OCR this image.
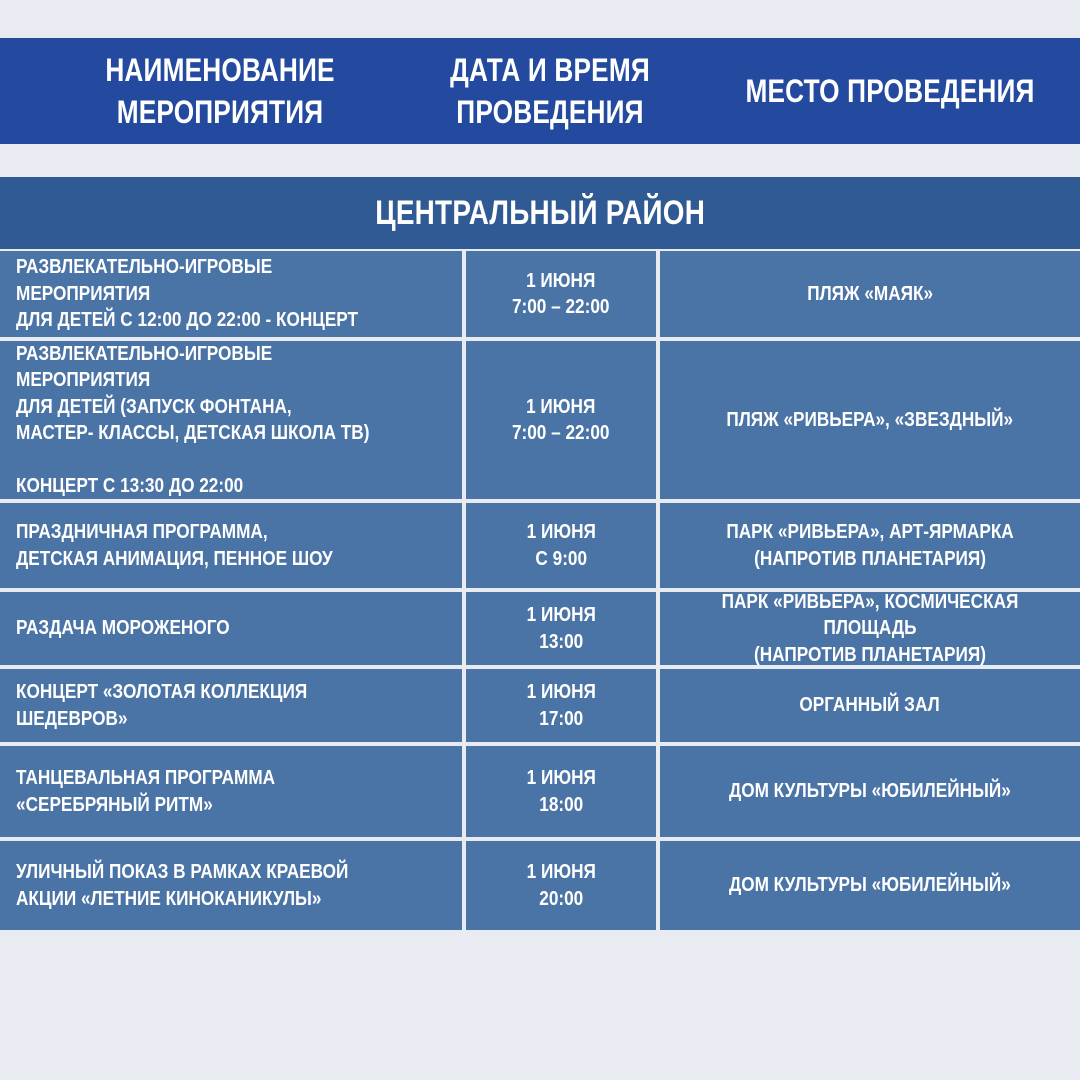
НАИМЕНОВАНИЕ
МЕРОПРИЯТИЯ
ДАТА И ВРЕМЯ
ПРОВЕДЕНИЯ
МЕСТО ПРОВЕДЕНИЯ
ЦЕНТРАЛЬНЫЙ РАЙОН
РАЗВЛЕКАТЕЛЬНО-ИГРОВЫЕ МЕРОПРИЯТИЯ
ДЛЯ ДЕТЕЙ С 12:00 ДО 22:00 - КОНЦЕРТ
1 ИЮНЯ
7:00 – 22:00
ПЛЯЖ «МАЯК»
РАЗВЛЕКАТЕЛЬНО-ИГРОВЫЕ МЕРОПРИЯТИЯ
ДЛЯ ДЕТЕЙ (ЗАПУСК ФОНТАНА,
МАСТЕР- КЛАССЫ, ДЕТСКАЯ ШКОЛА ТВ)

КОНЦЕРТ С 13:30 ДО 22:00
1 ИЮНЯ
7:00 – 22:00
ПЛЯЖ «РИВЬЕРА», «ЗВЕЗДНЫЙ»
ПРАЗДНИЧНАЯ ПРОГРАММА,
ДЕТСКАЯ АНИМАЦИЯ, ПЕННОЕ ШОУ
1 ИЮНЯ
С 9:00
ПАРК «РИВЬЕРА», АРТ-ЯРМАРКА
(НАПРОТИВ ПЛАНЕТАРИЯ)
РАЗДАЧА МОРОЖЕНОГО
1 ИЮНЯ
13:00
ПАРК «РИВЬЕРА», КОСМИЧЕСКАЯ ПЛОЩАДЬ
(НАПРОТИВ ПЛАНЕТАРИЯ)
КОНЦЕРТ «ЗОЛОТАЯ КОЛЛЕКЦИЯ ШЕДЕВРОВ»
1 ИЮНЯ
17:00
ОРГАННЫЙ ЗАЛ
ТАНЦЕВАЛЬНАЯ ПРОГРАММА
«СЕРЕБРЯНЫЙ РИТМ»
1 ИЮНЯ
18:00
ДОМ КУЛЬТУРЫ «ЮБИЛЕЙНЫЙ»
УЛИЧНЫЙ ПОКАЗ В РАМКАХ КРАЕВОЙ
АКЦИИ «ЛЕТНИЕ КИНОКАНИКУЛЫ»
1 ИЮНЯ
20:00
ДОМ КУЛЬТУРЫ «ЮБИЛЕЙНЫЙ»
